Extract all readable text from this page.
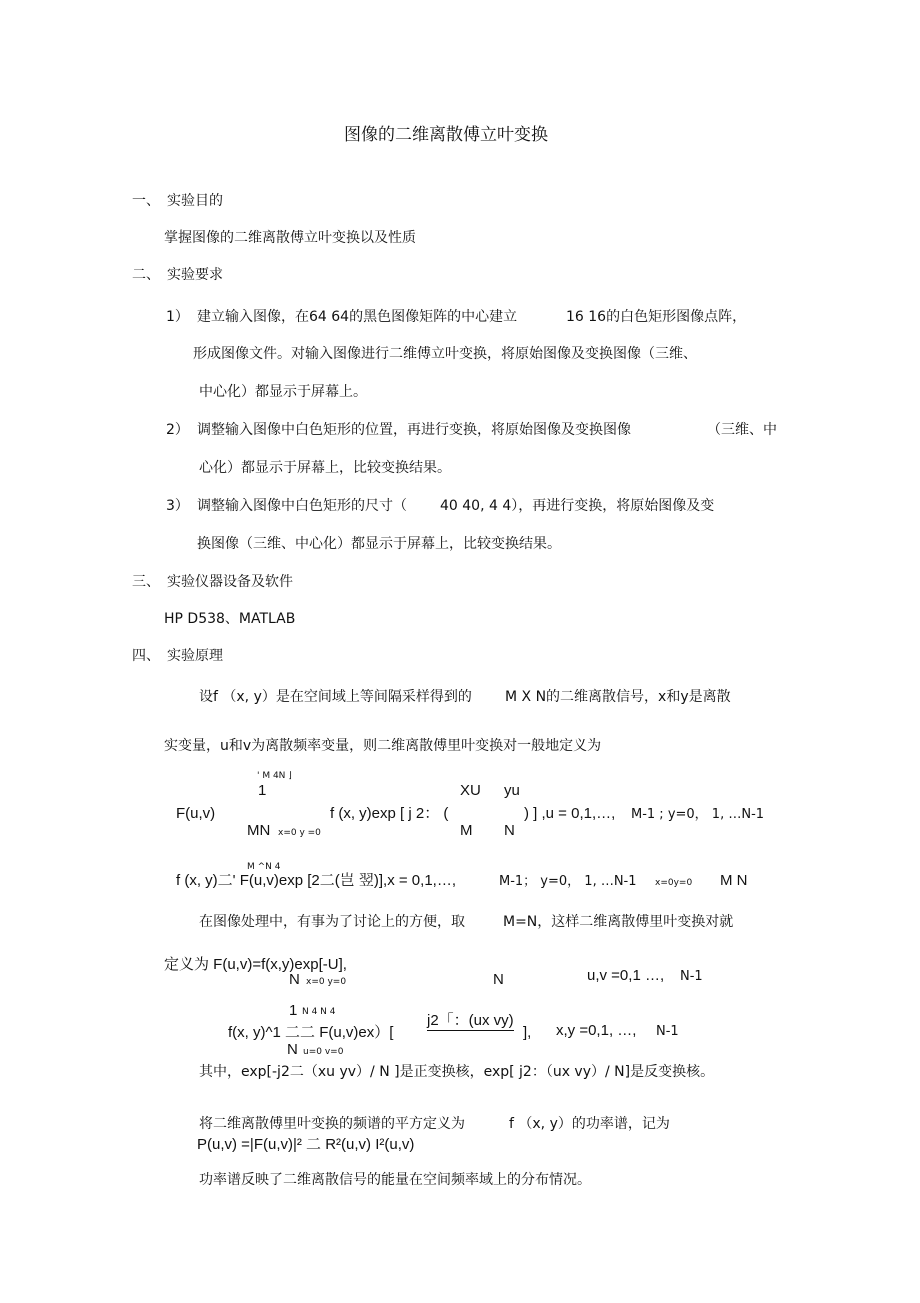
图像的二维离散傅立叶变换
一、 实验目的
掌握图像的二维离散傅立叶变换以及性质
二、 实验要求
1） 建立输入图像，在64 64的黑色图像矩阵的中心建立	16 16的白色矩形图像点阵，
形成图像文件。对输入图像进行二维傅立叶变换，将原始图像及变换图像（三维、
中心化）都显示于屏幕上。
2） 调整输入图像中白色矩形的位置，再进行变换，将原始图像及变换图像	（三维、中
心化）都显示于屏幕上，比较变换结果。
3） 调整输入图像中白色矩形的尺寸（ 40 40, 4 4），再进行变换，将原始图像及变
换图像（三维、中心化）都显示于屏幕上，比较变换结果。
三、 实验仪器设备及软件
HP D538、MATLAB
四、 实验原理
设f （x, y）是在空间域上等间隔采样得到的 M X N的二维离散信号，x和y是离散
实变量，u和v为离散频率变量，则二维离散傅里叶变换对一般地定义为
' M 4N ⌋
1	XU yu
F(u,v)	f (x, y)exp [ j 2： (	) ] ,u = 0,1,…, M-1 ; y=0， 1, …N-1
MN x=0 y =0	M N
M ^N 4
f (x, y)二' F(u,v)exp [2二(岂 翌)],x = 0,1,…,	M-1； y=0， 1, …N-1 x=0y=0 M N
在图像处理中，有事为了讨论上的方便，取	M=N，这样二维离散傅里叶变换对就
定义为 F(u,v)=f(x,y)exp[-U],
N x=0 y=0	N	u,v =0,1 …, N-1
1 N 4 N 4	j2「：(ux vy)
f(x, y)^1 二二 F(u,v)ex）[	], x,y =0,1, …, N-1
N u=0 v=0
其中，exp[-j2二（xu yv）/ N ]是正变换核，exp[ j2：（ux vy）/ N]是反变换核。
将二维离散傅里叶变换的频谱的平方定义为	f （x, y）的功率谱，记为
P(u,v) =|F(u,v)|² 二 R²(u,v) I²(u,v)
功率谱反映了二维离散信号的能量在空间频率域上的分布情况。
